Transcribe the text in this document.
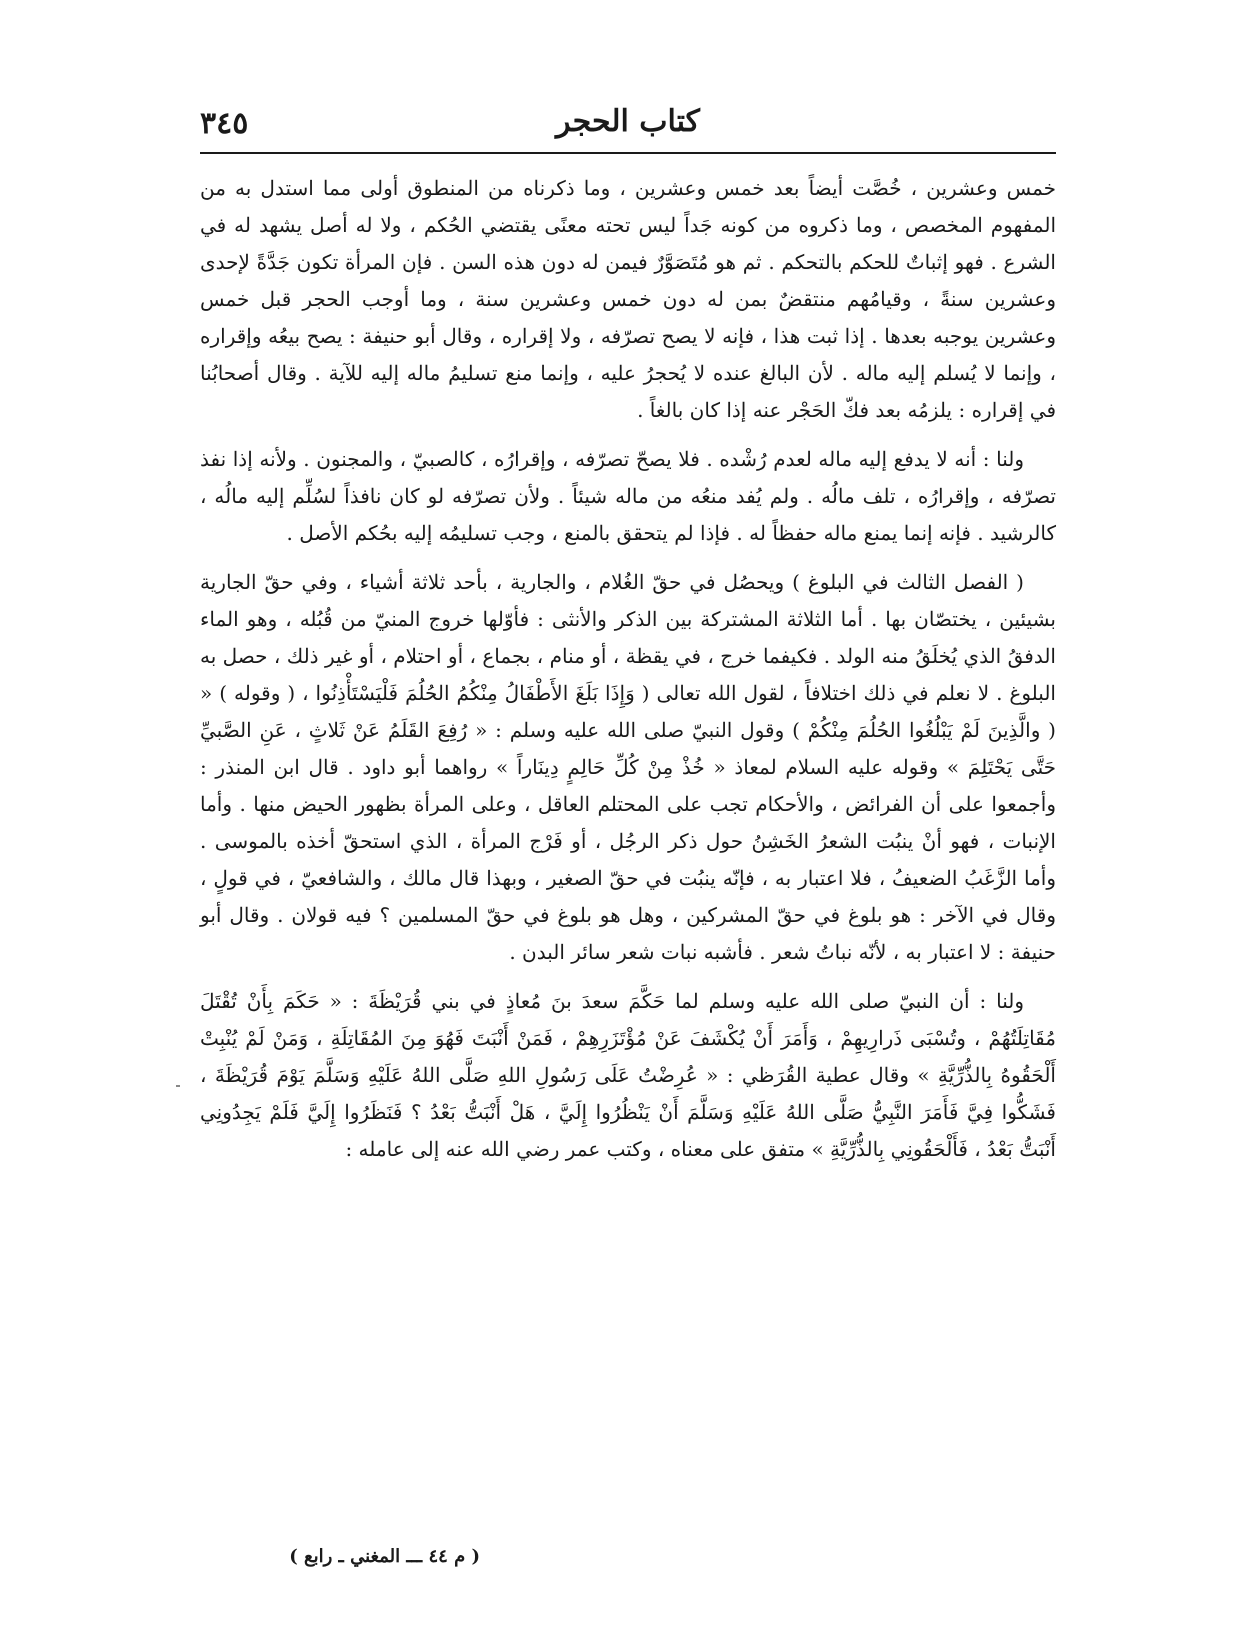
٣٤٥	كتاب الحجر

خمس وعشرين ، خُصَّت أيضاً بعد خمس وعشرين ، وما ذكرناه من المنطوق أولى مما استدل به من المفهوم المخصص ، وما ذكروه من كونه جَداً ليس تحته معنًى يقتضي الحُكم ، ولا له أصل يشهد له في الشرع . فهو إثباتٌ للحكم بالتحكم . ثم هو مُتَصَوَّرٌ فيمن له دون هذه السن . فإن المرأة تكون جَدَّةً لإحدى وعشرين سنةً ، وقيامُهم منتقضٌ بمن له دون خمس وعشرين سنة ، وما أوجب الحجر قبل خمس وعشرين يوجبه بعدها . إذا ثبت هذا ، فإنه لا يصح تصرّفه ، ولا إقراره ، وقال أبو حنيفة : يصح بيعُه وإقراره ، وإنما لا يُسلم إليه ماله . لأن البالغ عنده لا يُحجرُ عليه ، وإنما منع تسليمُ ماله إليه للآية . وقال أصحابُنا في إقراره : يلزمُه بعد فكّ الحَجْر عنه إذا كان بالغاً .

ولنا : أنه لا يدفع إليه ماله لعدم رُشْده . فلا يصحّ تصرّفه ، وإقرارُه ، كالصبيّ ، والمجنون . ولأنه إذا نفذ تصرّفه ، وإقرارُه ، تلف مالُه . ولم يُفد منعُه من ماله شيئاً . ولأن تصرّفه لو كان نافذاً لسُلِّم إليه مالُه ، كالرشيد . فإنه إنما يمنع ماله حفظاً له . فإذا لم يتحقق بالمنع ، وجب تسليمُه إليه بحُكم الأصل .

( الفصل الثالث في البلوغ ) ويحصُل في حقّ الغُلام ، والجارية ، بأحد ثلاثة أشياء ، وفي حقّ الجارية بشيئين ، يختصّان بها . أما الثلاثة المشتركة بين الذكر والأنثى : فأوّلها خروج المنيّ من قُبُله ، وهو الماء الدفقُ الذي يُخلَقُ منه الولد . فكيفما خرج ، في يقظة ، أو منام ، بجماع ، أو احتلام ، أو غير ذلك ، حصل به البلوغ . لا نعلم في ذلك اختلافاً ، لقول الله تعالى ( وَإِذَا بَلَغَ الأَطْفَالُ مِنْكُمُ الحُلُمَ فَلْيَسْتَأْذِنُوا ، ( وقوله ) « ( والَّذِينَ لَمْ يَبْلُغُوا الحُلُمَ مِنْكُمْ ) وقول النبيّ صلى الله عليه وسلم : « رُفِعَ القَلَمُ عَنْ ثَلاثٍ ، عَنِ الصَّبيِّ حَتَّى يَحْتَلِمَ » وقوله عليه السلام لمعاذ « خُذْ مِنْ كُلِّ حَالِمٍ دِينَاراً » رواهما أبو داود . قال ابن المنذر : وأجمعوا على أن الفرائض ، والأحكام تجب على المحتلم العاقل ، وعلى المرأة بظهور الحيض منها . وأما الإنبات ، فهو أنْ ينبُت الشعرُ الخَشِنُ حول ذكر الرجُل ، أو فَرْج المرأة ، الذي استحقّ أخذه بالموسى . وأما الزَّغَبُ الضعيفُ ، فلا اعتبار به ، فإنّه ينبُت في حقّ الصغير ، وبهذا قال مالك ، والشافعيّ ، في قولٍ ، وقال في الآخر : هو بلوغ في حقّ المشركين ، وهل هو بلوغ في حقّ المسلمين ؟ فيه قولان . وقال أبو حنيفة : لا اعتبار به ، لأنّه نباتُ شعر . فأشبه نبات شعر سائر البدن .

ولنا : أن النبيّ صلى الله عليه وسلم لما حَكَّمَ سعدَ بنَ مُعاذٍ في بني قُرَيْظَةَ : « حَكَمَ بِأَنْ تُقْتَلَ مُقَاتِلَتُهُمْ ، وتُسْبَى ذَرارِيهِمْ ، وَأَمَرَ أَنْ يُكْشَفَ عَنْ مُؤْتَزَرِهِمْ ، فَمَنْ أَنْبَتَ فَهُوَ مِنَ المُقَاتِلَةِ ، وَمَنْ لَمْ يُنْبِتْ أَلْحَقُوهُ بِالذُّرِّيَّةِ » وقال عطية القُرَظي : « عُرِضْتُ عَلَى رَسُولِ اللهِ صَلَّى اللهُ عَلَيْهِ وَسَلَّمَ يَوْمَ قُرَيْظَةَ ، فَشَكُّوا فِيَّ فَأَمَرَ النَّبِيُّ صَلَّى اللهُ عَلَيْهِ وَسَلَّمَ أَنْ يَنْظُرُوا إِلَيَّ ، هَلْ أَنْبَتُّ بَعْدُ ؟ فَنَظَرُوا إِلَيَّ فَلَمْ يَجِدُونِي أَنْبَتُّ بَعْدُ ، فَأَلْحَقُونِي بِالذُّرِّيَّةِ » متفق على معناه ، وكتب عمر رضي الله عنه إلى عامله :

( م ٤٤ ـــ المغني ـ رابع )
